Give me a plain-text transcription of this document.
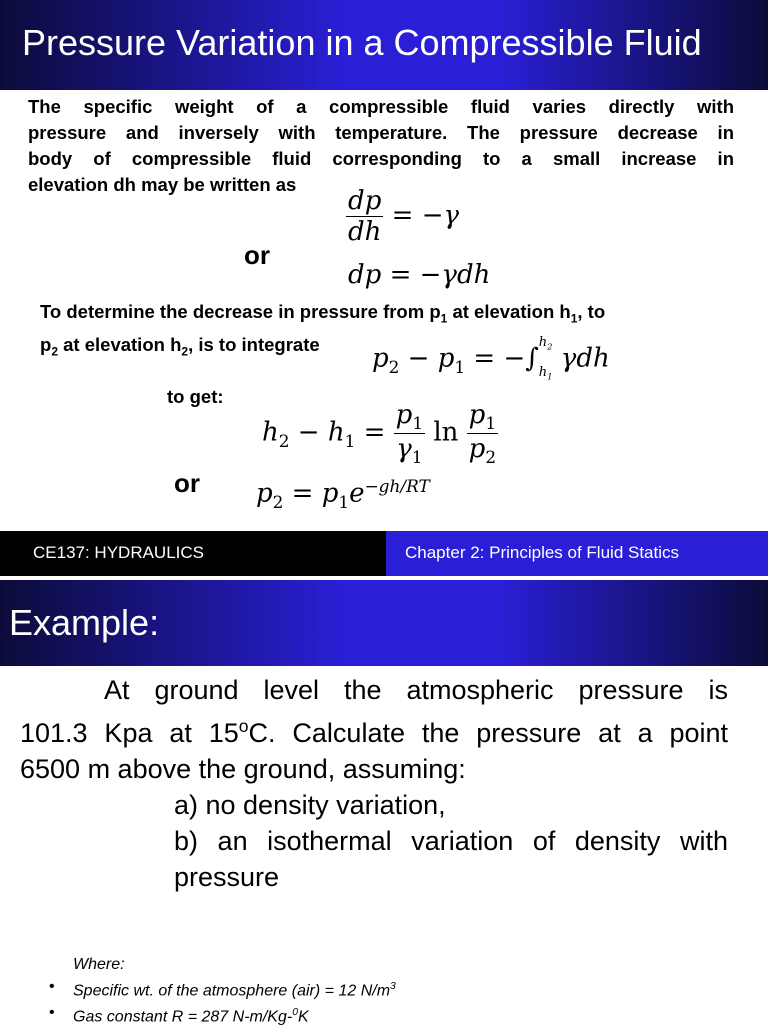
Pressure Variation in a Compressible Fluid
The specific weight of a compressible fluid varies directly with
pressure and inversely with temperature. The pressure decrease in
body of compressible fluid corresponding to a small increase in
elevation dh may be written as
$\frac{dp}{dh} = -\gamma$
or
dp = −γdh
To determine the decrease in pressure from $p_1$ at elevation $h_1$, to
$p_2$ at elevation $h_2$, is to integrate	$p_2 - p_1$ = −∫
$h_2$
$h_1$
γdh
to get:
$h_2 - h_1 = \frac{p_1}{\gamma_1}$ $\ln \frac{p_1}{p_2}$
or $p_2 = p_1e^{-gh/RT}$
CE137: HYDRAULICS	Chapter 2: Principles of Fluid Statics
Example:
At ground level the atmospheric pressure is
101.3 Kpa at 15$^o$C. Calculate the pressure at a point
6500 m above the ground, assuming:
a) no density variation,
b) an isothermal variation of density with
pressure
Where:
• Specific wt. of the atmosphere (air) = 12 $N/m^3$
• Gas constant R = 287 N-m/Kg-$^0$K
